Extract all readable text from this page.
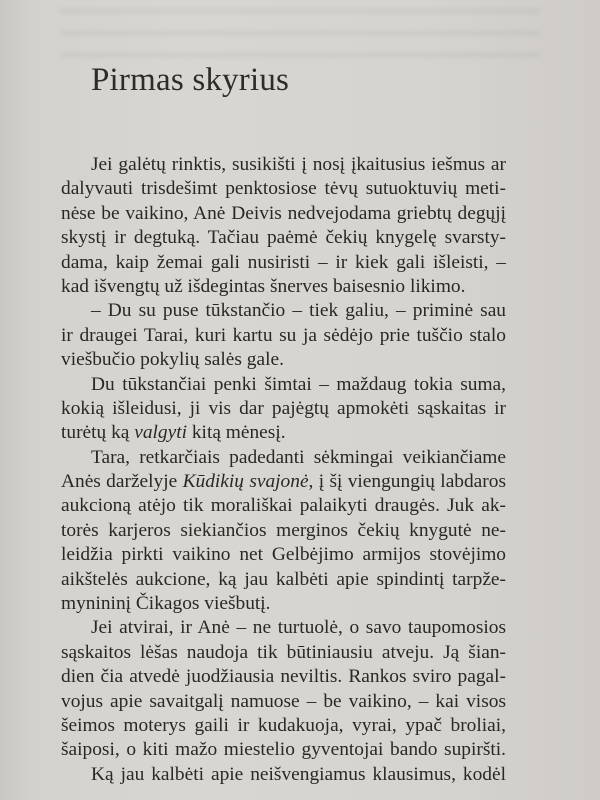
Pirmas skyrius
Jei galėtų rinktis, susikišti į nosį įkaitusius iešmus ar
dalyvauti trisdešimt penktosiose tėvų sutuoktuvių meti-
nėse be vaikino, Anė Deivis nedvejodama griebtų degųjį
skystį ir degtuką. Tačiau paėmė čekių knygelę svarsty-
dama, kaip žemai gali nusiristi – ir kiek gali išleisti, –
kad išvengtų už išdegintas šnerves baisesnio likimo.
– Du su puse tūkstančio – tiek galiu, – priminė sau
ir draugei Tarai, kuri kartu su ja sėdėjo prie tuščio stalo
viešbučio pokylių salės gale.
Du tūkstančiai penki šimtai – maždaug tokia suma,
kokią išleidusi, ji vis dar pajėgtų apmokėti sąskaitas ir
turėtų ką valgyti kitą mėnesį.
Tara, retkarčiais padedanti sėkmingai veikiančiame
Anės darželyje Kūdikių svajonė, į šį viengungių labdaros
aukcioną atėjo tik morališkai palaikyti draugės. Juk ak-
torės karjeros siekiančios merginos čekių knygutė ne-
leidžia pirkti vaikino net Gelbėjimo armijos stovėjimo
aikštelės aukcione, ką jau kalbėti apie spindintį tarpže-
mynininį Čikagos viešbutį.
Jei atvirai, ir Anė – ne turtuolė, o savo taupomosios
sąskaitos lėšas naudoja tik būtiniausiu atveju. Ją šian-
dien čia atvedė juodžiausia neviltis. Rankos sviro pagal-
vojus apie savaitgalį namuose – be vaikino, – kai visos
šeimos moterys gaili ir kudakuoja, vyrai, ypač broliai,
šaiposi, o kiti mažo miestelio gyventojai bando supiršti.
Ką jau kalbėti apie neišvengiamus klausimus, kodėl
